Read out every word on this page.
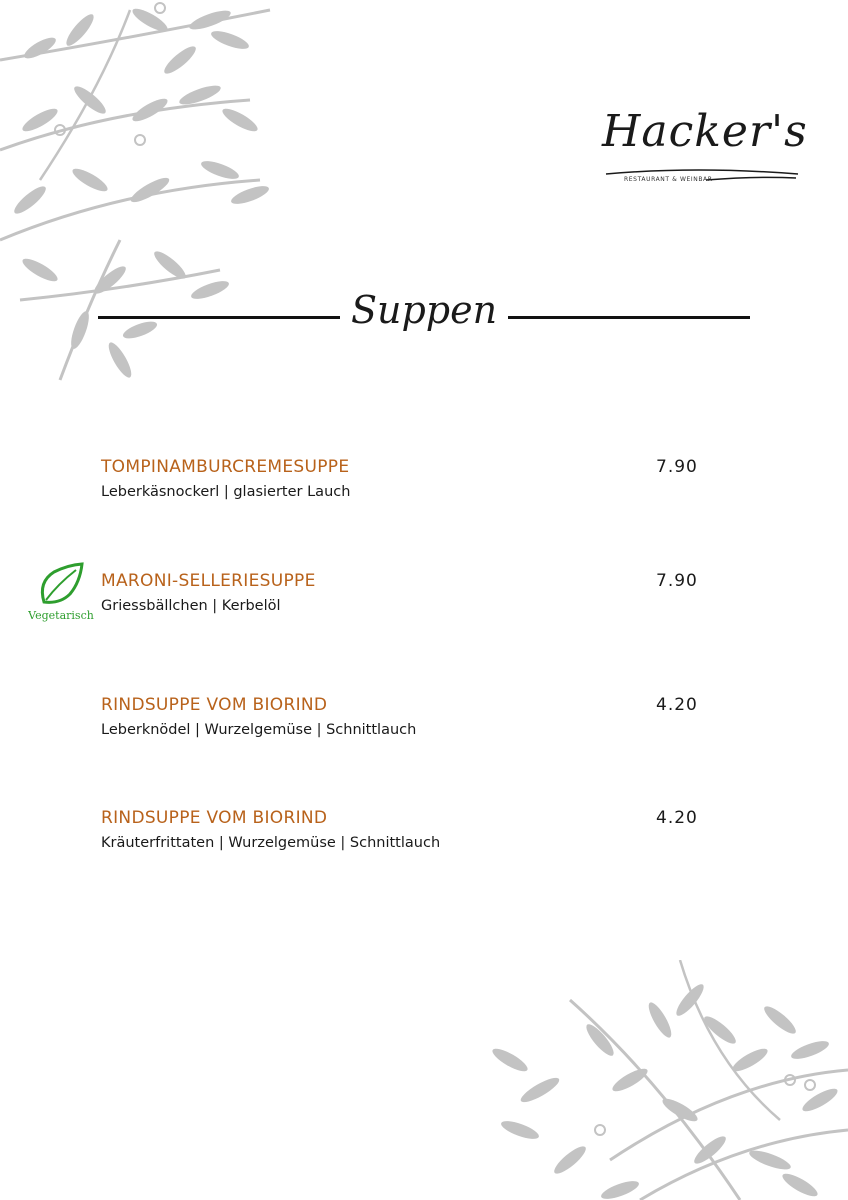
Hacker's
RESTAURANT & WEINBAR
Suppen
TOMPINAMBURCREMESUPPE	7.90
Leberkäsnockerl | glasierter Lauch
Vegetarisch
MARONI-SELLERIESUPPE	7.90
Griessbällchen | Kerbelöl
RINDSUPPE VOM BIORIND	4.20
Leberknödel | Wurzelgemüse | Schnittlauch
RINDSUPPE VOM BIORIND	4.20
Kräuterfrittaten | Wurzelgemüse | Schnittlauch
